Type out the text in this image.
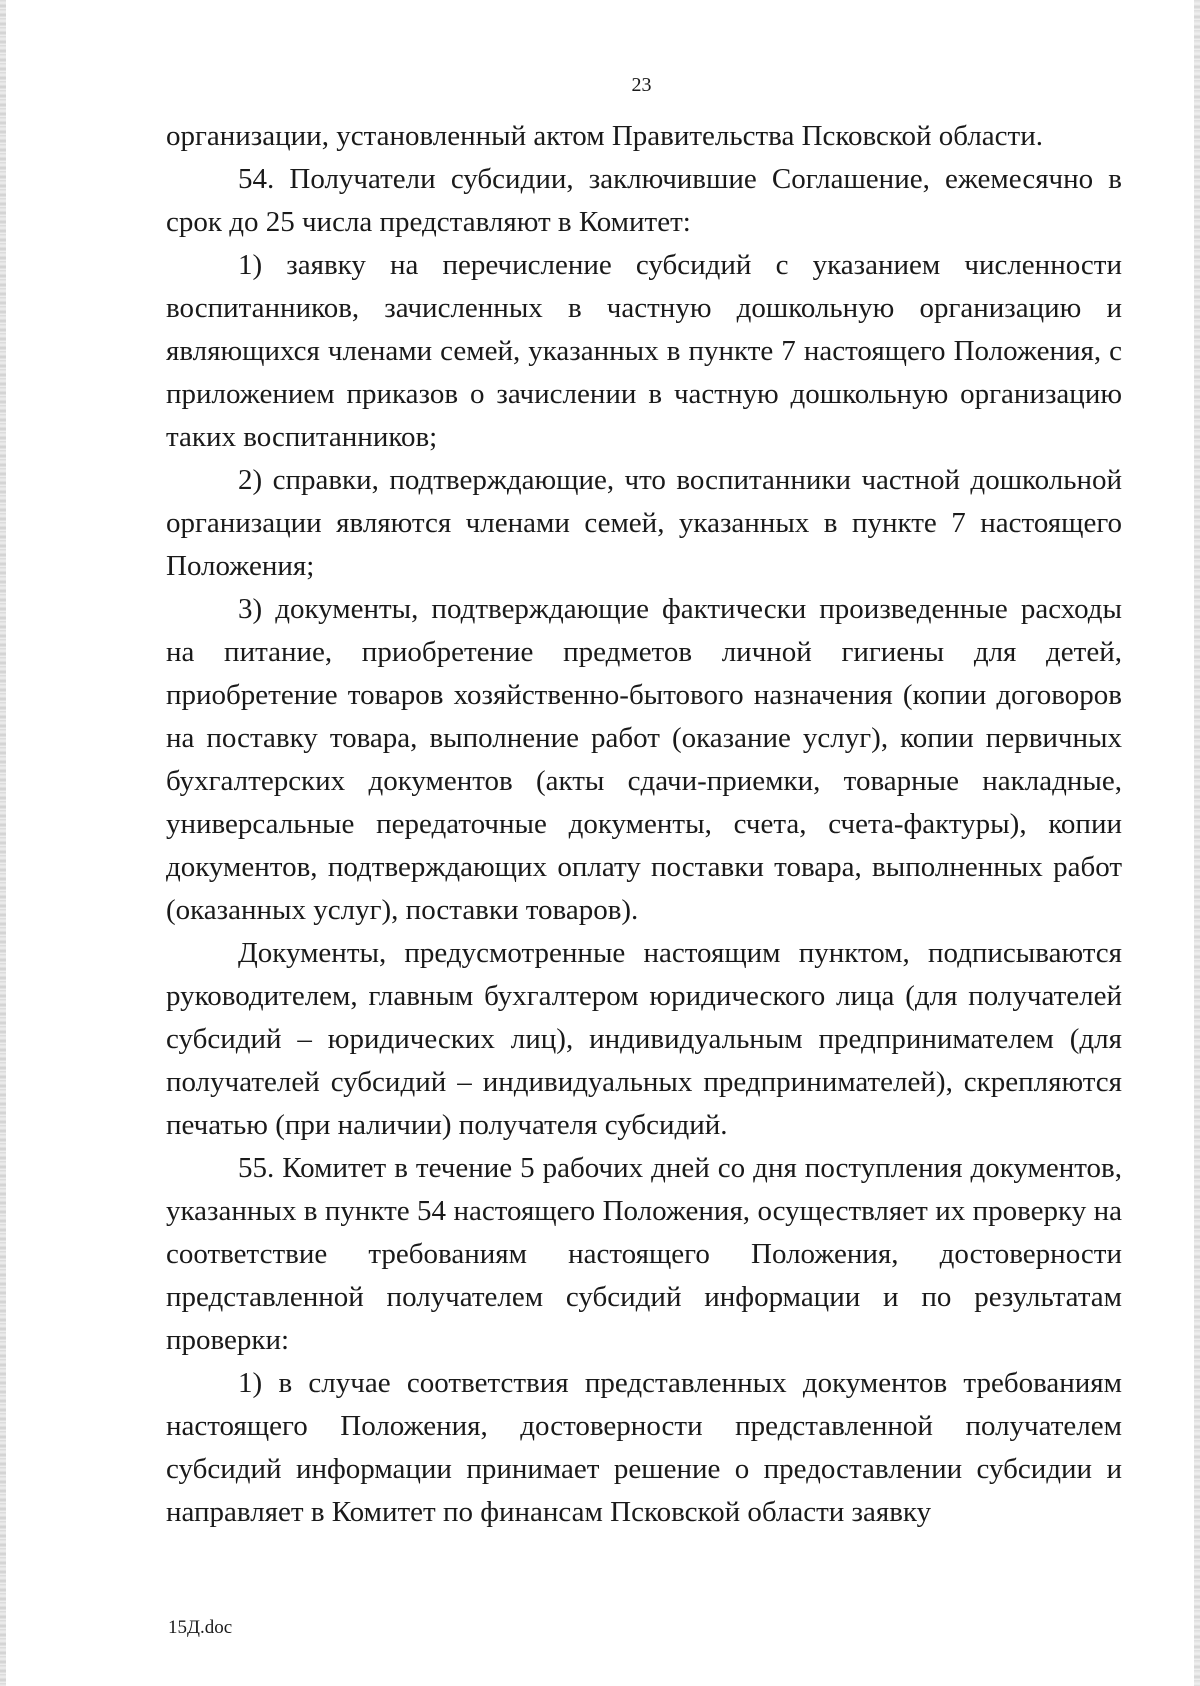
23

организации, установленный актом Правительства Псковской области.

54. Получатели субсидии, заключившие Соглашение, ежемесячно в срок до 25 числа представляют в Комитет:

1) заявку на перечисление субсидий с указанием численности воспитанников, зачисленных в частную дошкольную организацию и являющихся членами семей, указанных в пункте 7 настоящего Положения, с приложением приказов о зачислении в частную дошкольную организацию таких воспитанников;

2) справки, подтверждающие, что воспитанники частной дошкольной организации являются членами семей, указанных в пункте 7 настоящего Положения;

3) документы, подтверждающие фактически произведенные расходы на питание, приобретение предметов личной гигиены для детей, приобретение товаров хозяйственно-бытового назначения (копии договоров на поставку товара, выполнение работ (оказание услуг), копии первичных бухгалтерских документов (акты сдачи-приемки, товарные накладные, универсальные передаточные документы, счета, счета-фактуры), копии документов, подтверждающих оплату поставки товара, выполненных работ (оказанных услуг), поставки товаров).

Документы, предусмотренные настоящим пунктом, подписываются руководителем, главным бухгалтером юридического лица (для получателей субсидий – юридических лиц), индивидуальным предпринимателем (для получателей субсидий – индивидуальных предпринимателей), скрепляются печатью (при наличии) получателя субсидий.

55. Комитет в течение 5 рабочих дней со дня поступления документов, указанных в пункте 54 настоящего Положения, осуществляет их проверку на соответствие требованиям настоящего Положения, достоверности представленной получателем субсидий информации и по результатам проверки:

1) в случае соответствия представленных документов требованиям настоящего Положения, достоверности представленной получателем субсидий информации принимает решение о предоставлении субсидии и направляет в Комитет по финансам Псковской области заявку

15Д.doc
